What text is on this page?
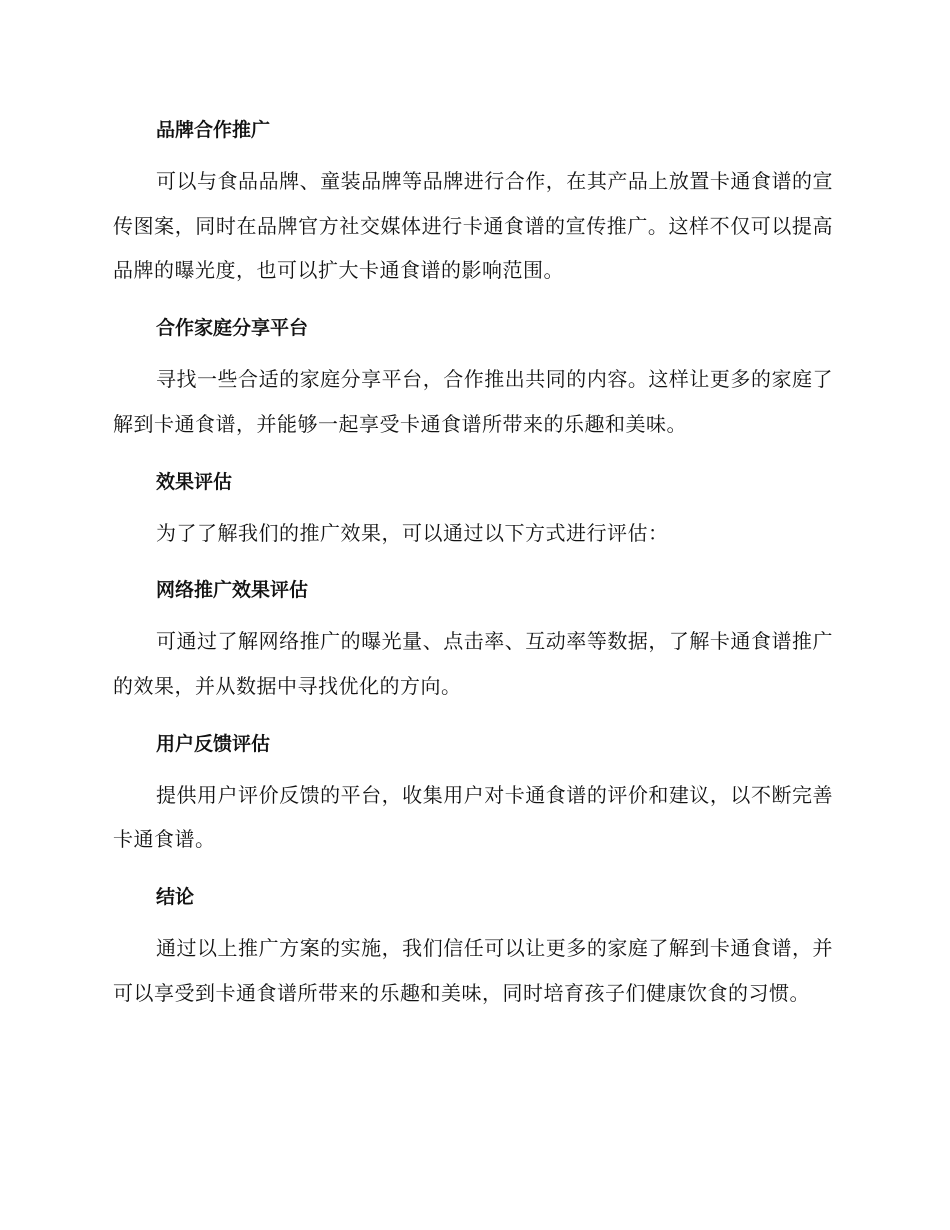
品牌合作推广

可以与食品品牌、童装品牌等品牌进行合作，在其产品上放置卡通食谱的宣传图案，同时在品牌官方社交媒体进行卡通食谱的宣传推广。这样不仅可以提高品牌的曝光度，也可以扩大卡通食谱的影响范围。

合作家庭分享平台

寻找一些合适的家庭分享平台，合作推出共同的内容。这样让更多的家庭了解到卡通食谱，并能够一起享受卡通食谱所带来的乐趣和美味。

效果评估

为了了解我们的推广效果，可以通过以下方式进行评估：

网络推广效果评估

可通过了解网络推广的曝光量、点击率、互动率等数据，了解卡通食谱推广的效果，并从数据中寻找优化的方向。

用户反馈评估

提供用户评价反馈的平台，收集用户对卡通食谱的评价和建议，以不断完善卡通食谱。

结论

通过以上推广方案的实施，我们信任可以让更多的家庭了解到卡通食谱，并可以享受到卡通食谱所带来的乐趣和美味，同时培育孩子们健康饮食的习惯。
